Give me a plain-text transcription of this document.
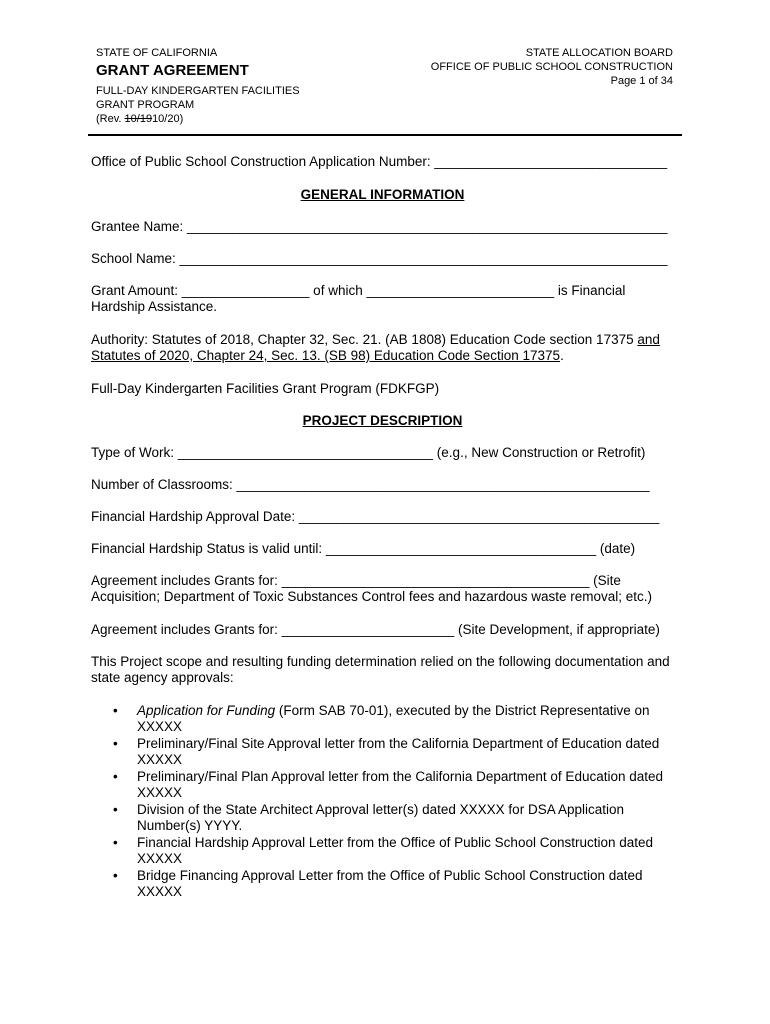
STATE OF CALIFORNIA
GRANT AGREEMENT
FULL-DAY KINDERGARTEN FACILITIES
GRANT PROGRAM
(Rev. 10/1910/20)
STATE ALLOCATION BOARD
OFFICE OF PUBLIC SCHOOL CONSTRUCTION
Page 1 of 34

Office of Public School Construction Application Number: _______________________________

GENERAL INFORMATION

Grantee Name: ________________________________________________________________

School Name: _________________________________________________________________

Grant Amount: _________________ of which _________________________ is Financial Hardship Assistance.

Authority: Statutes of 2018, Chapter 32, Sec. 21. (AB 1808) Education Code section 17375 and Statutes of 2020, Chapter 24, Sec. 13. (SB 98) Education Code Section 17375.

Full-Day Kindergarten Facilities Grant Program (FDKFGP)

PROJECT DESCRIPTION

Type of Work: __________________________________ (e.g., New Construction or Retrofit)

Number of Classrooms: _______________________________________________________

Financial Hardship Approval Date: ________________________________________________

Financial Hardship Status is valid until: ____________________________________ (date)

Agreement includes Grants for: _________________________________________ (Site Acquisition; Department of Toxic Substances Control fees and hazardous waste removal; etc.)

Agreement includes Grants for: _______________________ (Site Development, if appropriate)

This Project scope and resulting funding determination relied on the following documentation and state agency approvals:

• Application for Funding (Form SAB 70-01), executed by the District Representative on XXXXX
• Preliminary/Final Site Approval letter from the California Department of Education dated XXXXX
• Preliminary/Final Plan Approval letter from the California Department of Education dated XXXXX
• Division of the State Architect Approval letter(s) dated XXXXX for DSA Application Number(s) YYYY.
• Financial Hardship Approval Letter from the Office of Public School Construction dated XXXXX
• Bridge Financing Approval Letter from the Office of Public School Construction dated XXXXX
